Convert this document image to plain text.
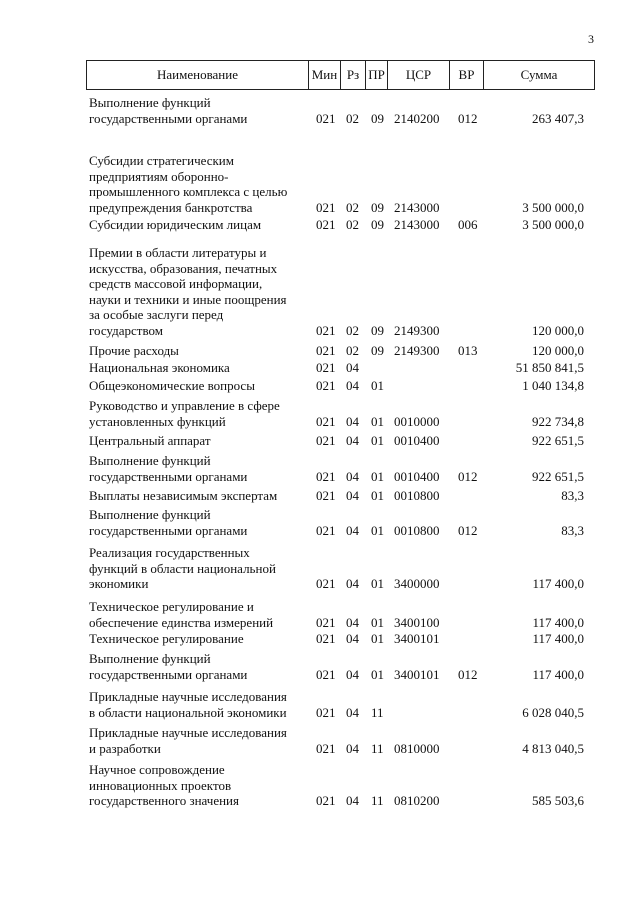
3
Наименование	Мин Рз ПР	ЦСР	ВР	Сумма
Выполнение функций
государственными органами	021 02 09 2140200 012	263 407,3
Субсидии стратегическим
предприятиям оборонно-
промышленного комплекса с целью
предупреждения банкротства	021 02 09 2143000	3 500 000,0
Субсидии юридическим лицам	021 02 09 2143000 006	3 500 000,0
Премии в области литературы и
искусства, образования, печатных
средств массовой информации,
науки и техники и иные поощрения
за особые заслуги перед
государством	021 02 09 2149300	120 000,0
Прочие расходы	021 02 09 2149300 013	120 000,0
Национальная экономика	021 04	51 850 841,5
Общеэкономические вопросы	021 04 01	1 040 134,8
Руководство и управление в сфере
установленных функций	021 04 01 0010000	922 734,8
Центральный аппарат	021 04 01 0010400	922 651,5
Выполнение функций
государственными органами	021 04 01 0010400 012	922 651,5
Выплаты независимым экспертам	021 04 01 0010800	83,3
Выполнение функций
государственными органами	021 04 01 0010800 012	83,3
Реализация государственных
функций в области национальной
экономики	021 04 01 3400000	117 400,0
Техническое регулирование и
обеспечение единства измерений	021 04 01 3400100	117 400,0
Техническое регулирование	021 04 01 3400101	117 400,0
Выполнение функций
государственными органами	021 04 01 3400101 012	117 400,0
Прикладные научные исследования
в области национальной экономики	021 04 11	6 028 040,5
Прикладные научные исследования
и разработки	021 04 11 0810000	4 813 040,5
Научное сопровождение
инновационных проектов
государственного значения	021 04 11 0810200	585 503,6
